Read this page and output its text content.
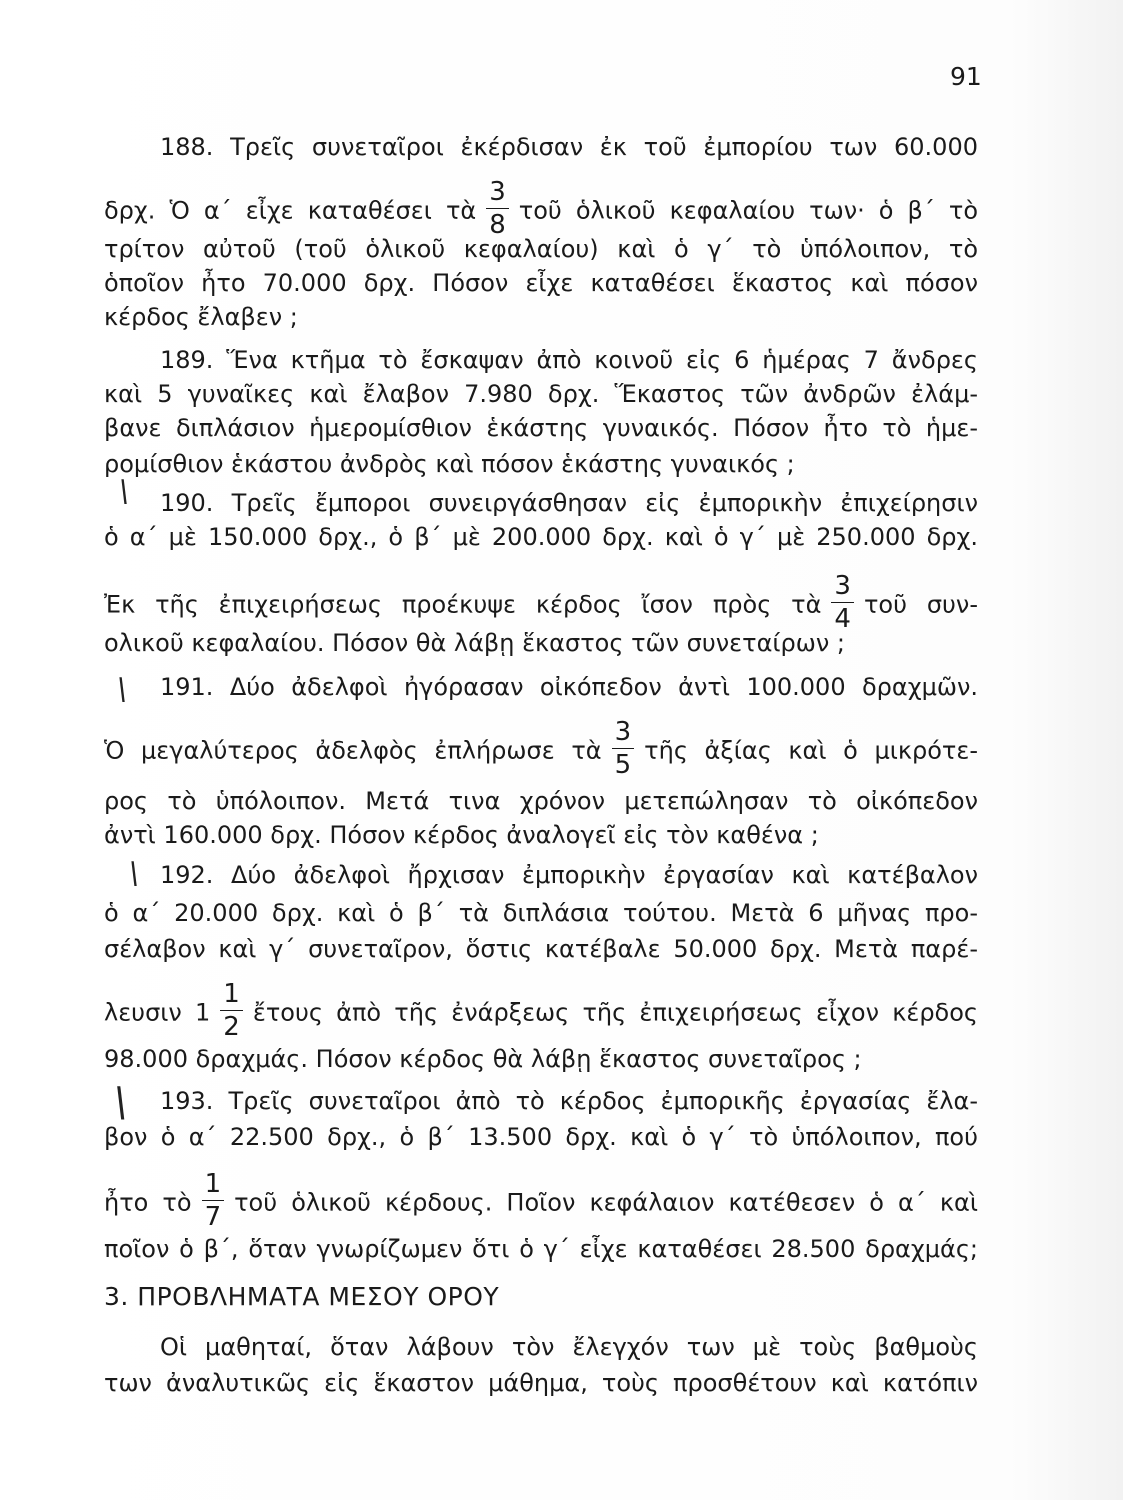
91
188. Τρεῖς συνεταῖροι ἐκέρδισαν ἐκ τοῦ ἐμπορίου των 60.000
δρχ. Ὁ α΄ εἶχε καταθέσει τὰ $\frac{3}{8}$ τοῦ ὁλικοῦ κεφαλαίου των· ὁ β΄ τὸ
τρίτον αὐτοῦ (τοῦ ὁλικοῦ κεφαλαίου) καὶ ὁ γ΄ τὸ ὑπόλοιπον, τὸ
ὁποῖον ἦτο 70.000 δρχ. Πόσον εἶχε καταθέσει ἕκαστος καὶ πόσον
κέρδος ἔλαβεν ;
189. Ἕνα κτῆμα τὸ ἔσκαψαν ἀπὸ κοινοῦ εἰς 6 ἡμέρας 7 ἄνδρες
καὶ 5 γυναῖκες καὶ ἔλαβον 7.980 δρχ. Ἕκαστος τῶν ἀνδρῶν ἐλάμ-
βανε διπλάσιον ἡμερομίσθιον ἑκάστης γυναικός. Πόσον ἦτο τὸ ἡμε-
ρομίσθιον ἑκάστου ἀνδρὸς καὶ πόσον ἑκάστης γυναικός ;
\ 190. Τρεῖς ἔμποροι συνειργάσθησαν εἰς ἐμπορικὴν ἐπιχείρησιν
ὁ α΄ μὲ 150.000 δρχ., ὁ β΄ μὲ 200.000 δρχ. καὶ ὁ γ΄ μὲ 250.000 δρχ.
Ἐκ τῆς ἐπιχειρήσεως προέκυψε κέρδος ἴσον πρὸς τὰ $\frac{3}{4}$ τοῦ συν-
ολικοῦ κεφαλαίου. Πόσον θὰ λάβῃ ἕκαστος τῶν συνεταίρων ;
\ 191. Δύο ἀδελφοὶ ἠγόρασαν οἰκόπεδον ἀντὶ 100.000 δραχμῶν.
Ὁ μεγαλύτερος ἀδελφὸς ἐπλήρωσε τὰ $\frac{3}{5}$ τῆς ἀξίας καὶ ὁ μικρότε-
ρος τὸ ὑπόλοιπον. Μετά τινα χρόνον μετεπώλησαν τὸ οἰκόπεδον
ἀντὶ 160.000 δρχ. Πόσον κέρδος ἀναλογεῖ εἰς τὸν καθένα ;
\ 192. Δύο ἀδελφοὶ ἤρχισαν ἐμπορικὴν ἐργασίαν καὶ κατέβαλον
ὁ α΄ 20.000 δρχ. καὶ ὁ β΄ τὰ διπλάσια τούτου. Μετὰ 6 μῆνας προ-
σέλαβον καὶ γ΄ συνεταῖρον, ὅστις κατέβαλε 50.000 δρχ. Μετὰ παρέ-
λευσιν $1 \frac{1}{2}$ ἔτους ἀπὸ τῆς ἐνάρξεως τῆς ἐπιχειρήσεως εἶχον κέρδος
98.000 δραχμάς. Πόσον κέρδος θὰ λάβῃ ἕκαστος συνεταῖρος ;
\ 193. Τρεῖς συνεταῖροι ἀπὸ τὸ κέρδος ἐμπορικῆς ἐργασίας ἔλα-
βον ὁ α΄ 22.500 δρχ., ὁ β΄ 13.500 δρχ. καὶ ὁ γ΄ τὸ ὑπόλοιπον, πού
ἦτο τὸ $\frac{1}{7}$ τοῦ ὁλικοῦ κέρδους. Ποῖον κεφάλαιον κατέθεσεν ὁ α΄ καὶ
ποῖον ὁ β΄, ὅταν γνωρίζωμεν ὅτι ὁ γ΄ εἶχε καταθέσει 28.500 δραχμάς;
3. ΠΡΟΒΛΗΜΑΤΑ ΜΕΣΟΥ ΟΡΟΥ
Οἱ μαθηταί, ὅταν λάβουν τὸν ἔλεγχόν των μὲ τοὺς βαθμοὺς
των ἀναλυτικῶς εἰς ἕκαστον μάθημα, τοὺς προσθέτουν καὶ κατόπιν
